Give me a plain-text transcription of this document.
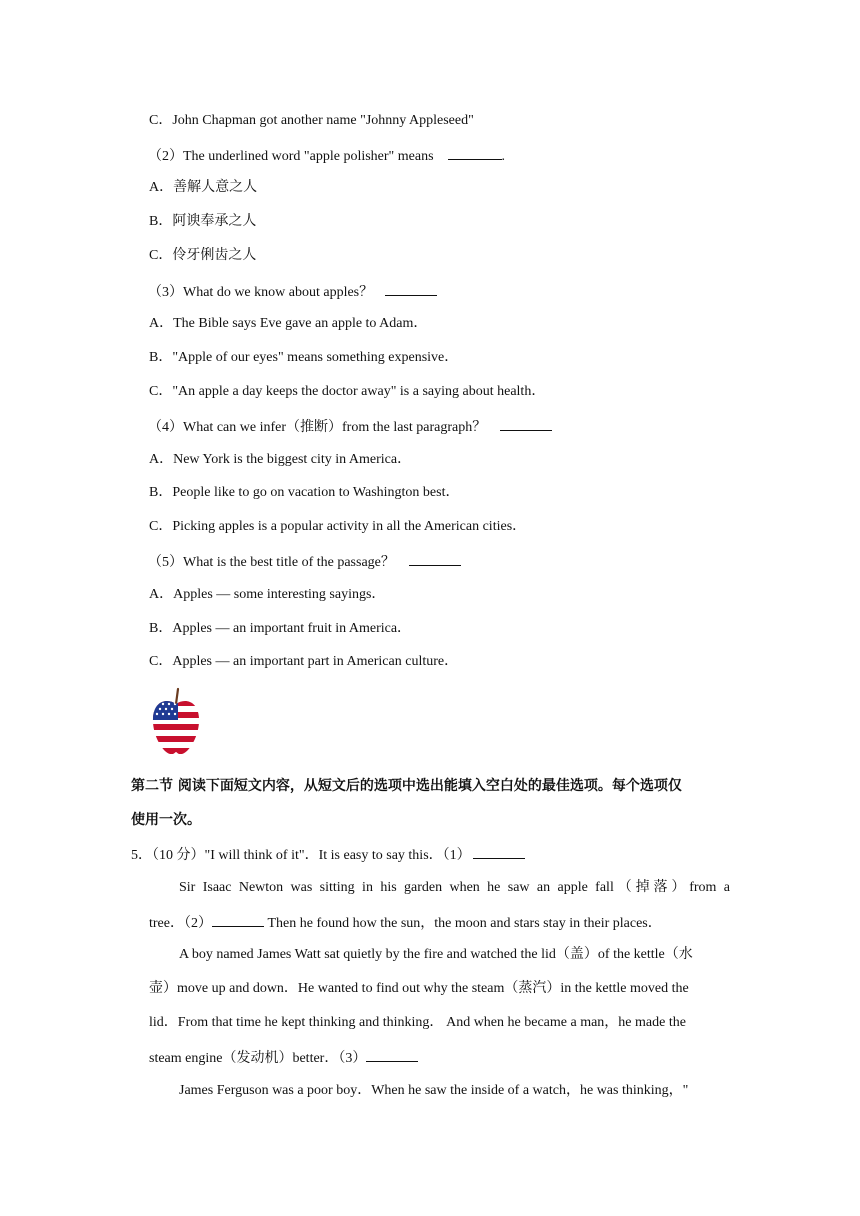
C．John Chapman got another name "Johnny Appleseed"
（2）The underlined word "apple polisher" means	.
A．善解人意之人
B．阿谀奉承之人
C．伶牙俐齿之人
（3）What do we know about apples？
A．The Bible says Eve gave an apple to Adam．
B．"Apple of our eyes" means something expensive．
C．"An apple a day keeps the doctor away" is a saying about health．
（4）What can we infer（推断）from the last paragraph？
A．New York is the biggest city in America．
B．People like to go on vacation to Washington best．
C．Picking apples is a popular activity in all the American cities．
（5）What is the best title of the passage？
A．Apples — some interesting sayings．
B．Apples — an important fruit in America．
C．Apples — an important part in American culture．
第二节 阅读下面短文内容，从短文后的选项中选出能填入空白处的最佳选项。每个选项仅
使用一次。
5．（10 分）"I will think of it"．It is easy to say this．（1）
Sir Isaac Newton was sitting in his garden when he saw an apple fall（掉落）from a
tree．（2）	Then he found how the sun，the moon and stars stay in their places．
A boy named James Watt sat quietly by the fire and watched the lid（盖）of the kettle（水
壶）move up and down．He wanted to find out why the steam（蒸汽）in the kettle moved the
lid．From that time he kept thinking and thinking． And when he became a man，he made the
steam engine（发动机）better．（3）
James Ferguson was a poor boy．When he saw the inside of a watch，he was thinking，"
